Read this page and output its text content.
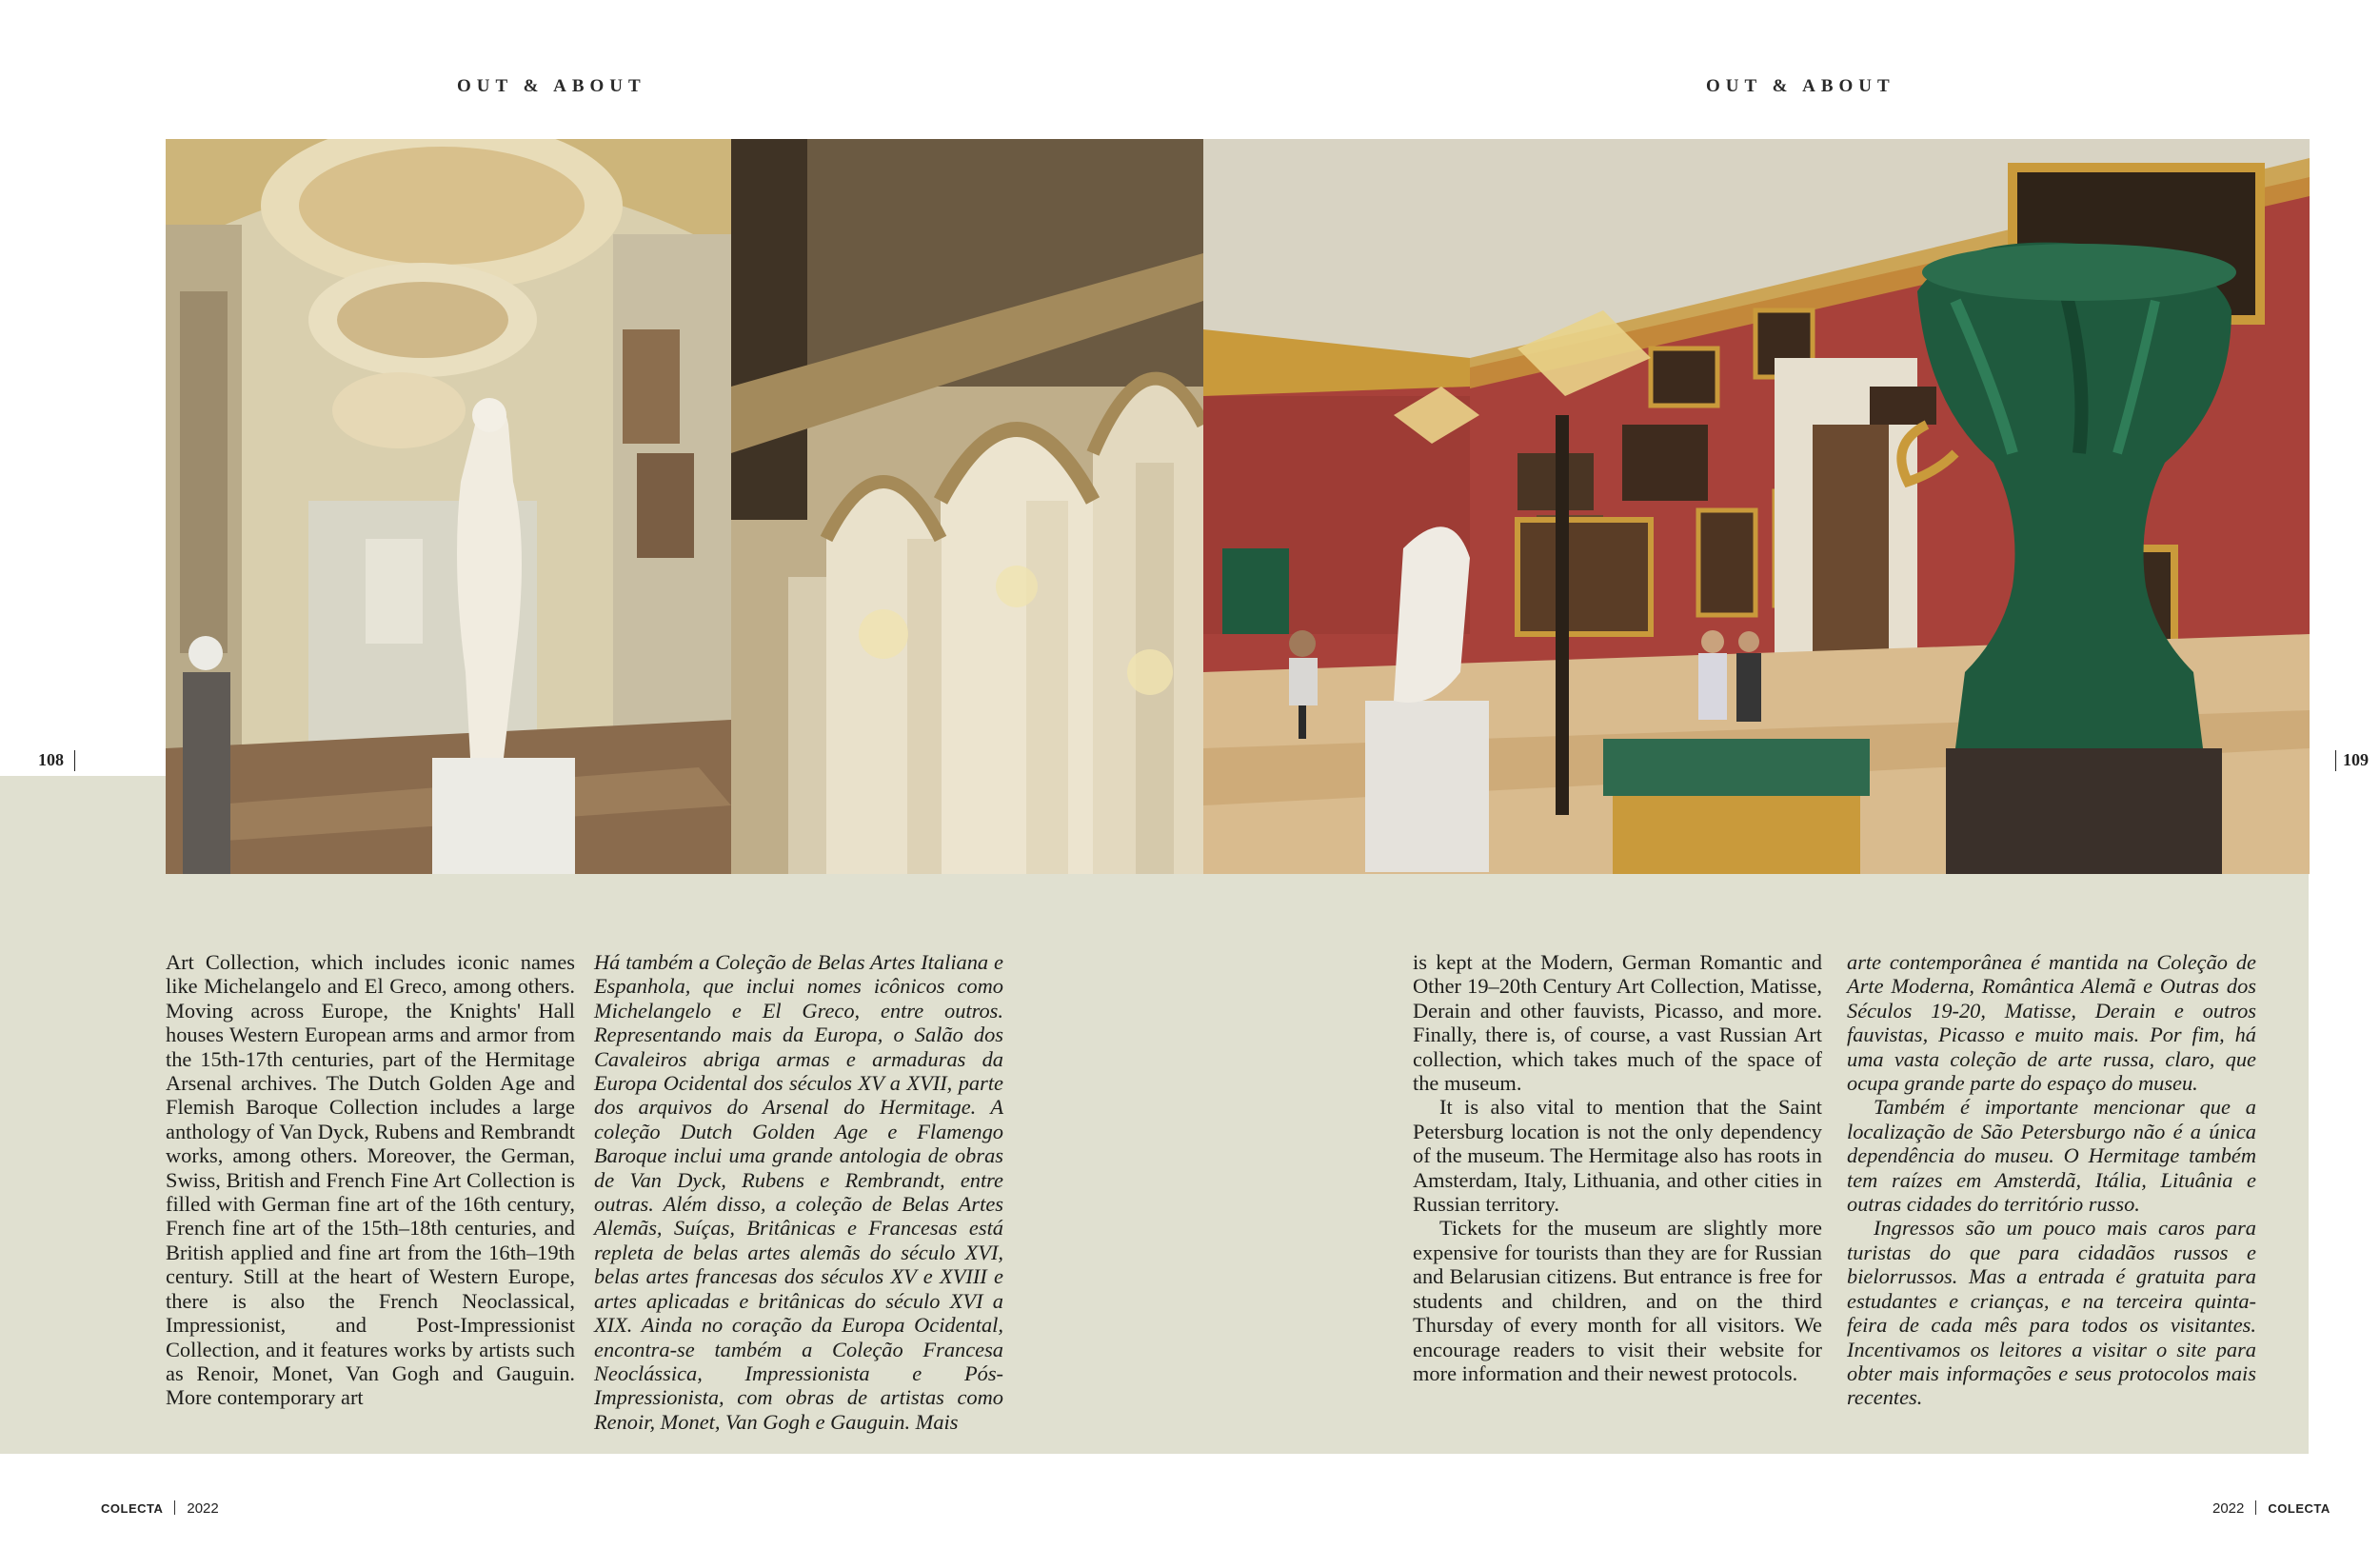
OUT & ABOUT	OUT & ABOUT
108	109

Art Collection, which includes iconic names like Michelangelo and El Greco, among others. Moving across Europe, the Knights' Hall houses Western European arms and armor from the 15th-17th centuries, part of the Hermitage Arsenal archives. The Dutch Golden Age and Flemish Baroque Collection includes a large anthology of Van Dyck, Rubens and Rembrandt works, among others. Moreover, the German, Swiss, British and French Fine Art Collection is filled with German fine art of the 16th century, French fine art of the 15th–18th centuries, and British applied and fine art from the 16th–19th century. Still at the heart of Western Europe, there is also the French Neoclassical, Impressionist, and Post-Impressionist Collection, and it features works by artists such as Renoir, Monet, Van Gogh and Gauguin. More contemporary art

Há também a Coleção de Belas Artes Italiana e Espanhola, que inclui nomes icônicos como Michelangelo e El Greco, entre outros. Representando mais da Europa, o Salão dos Cavaleiros abriga armas e armaduras da Europa Ocidental dos séculos XV a XVII, parte dos arquivos do Arsenal do Hermitage. A coleção Dutch Golden Age e Flamengo Baroque inclui uma grande antologia de obras de Van Dyck, Rubens e Rembrandt, entre outras. Além disso, a coleção de Belas Artes Alemãs, Suíças, Britânicas e Francesas está repleta de belas artes alemãs do século XVI, belas artes francesas dos séculos XV e XVIII e artes aplicadas e britânicas do século XVI a XIX. Ainda no coração da Europa Ocidental, encontra-se também a Coleção Francesa Neoclássica, Impressionista e Pós-Impressionista, com obras de artistas como Renoir, Monet, Van Gogh e Gauguin. Mais

is kept at the Modern, German Romantic and Other 19–20th Century Art Collection, Matisse, Derain and other fauvists, Picasso, and more. Finally, there is, of course, a vast Russian Art collection, which takes much of the space of the museum.

It is also vital to mention that the Saint Petersburg location is not the only dependency of the museum. The Hermitage also has roots in Amsterdam, Italy, Lithuania, and other cities in Russian territory.

Tickets for the museum are slightly more expensive for tourists than they are for Russian and Belarusian citizens. But entrance is free for students and children, and on the third Thursday of every month for all visitors. We encourage readers to visit their website for more information and their newest protocols.

arte contemporânea é mantida na Coleção de Arte Moderna, Romântica Alemã e Outras dos Séculos 19-20, Matisse, Derain e outros fauvistas, Picasso e muito mais. Por fim, há uma vasta coleção de arte russa, claro, que ocupa grande parte do espaço do museu.

Também é importante mencionar que a localização de São Petersburgo não é a única dependência do museu. O Hermitage também tem raízes em Amsterdã, Itália, Lituânia e outras cidades do território russo.

Ingressos são um pouco mais caros para turistas do que para cidadãos russos e bielorrussos. Mas a entrada é gratuita para estudantes e crianças, e na terceira quinta-feira de cada mês para todos os visitantes. Incentivamos os leitores a visitar o site para obter mais informações e seus protocolos mais recentes.

COLECTA 2022	2022 COLECTA
